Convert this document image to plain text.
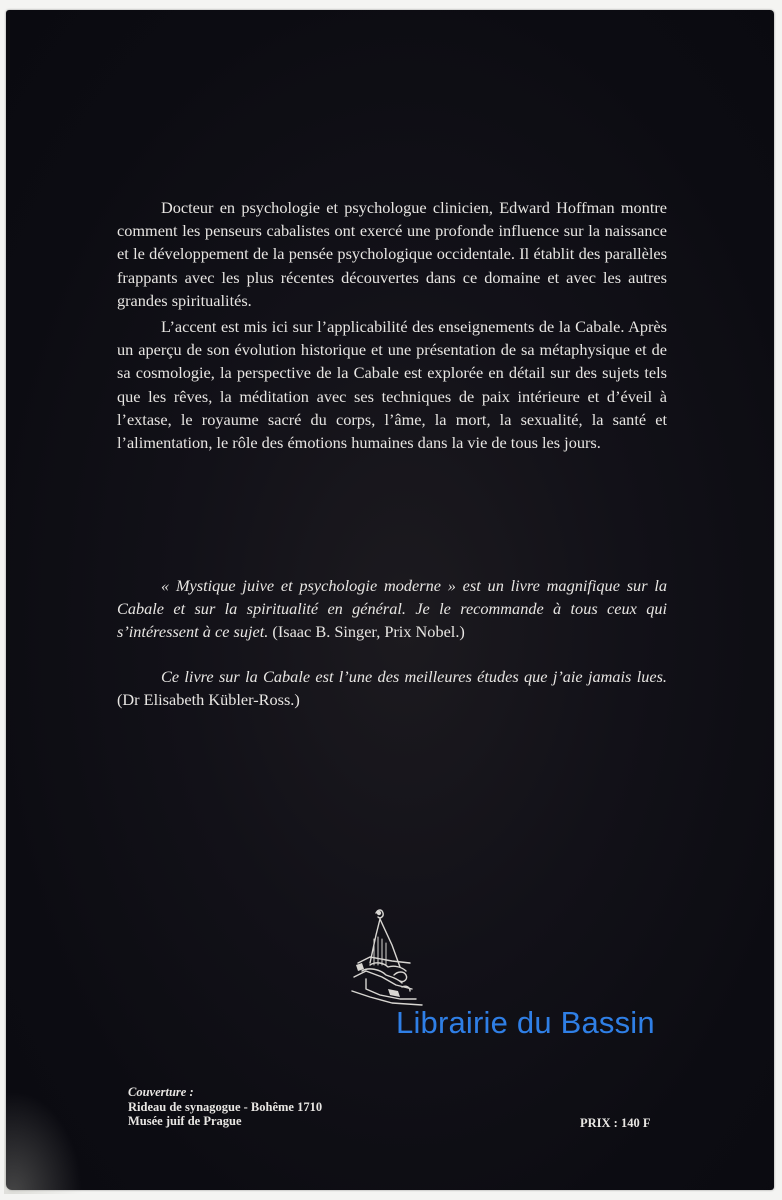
Docteur en psychologie et psychologue clinicien, Edward Hoffman montre comment les penseurs cabalistes ont exercé une profonde influence sur la naissance et le développement de la pensée psychologique occidentale. Il établit des parallèles frappants avec les plus récentes découvertes dans ce domaine et avec les autres grandes spiritualités.

L’accent est mis ici sur l’applicabilité des enseignements de la Cabale. Après un aperçu de son évolution historique et une présentation de sa métaphysique et de sa cosmologie, la perspective de la Cabale est explorée en détail sur des sujets tels que les rêves, la méditation avec ses techniques de paix intérieure et d’éveil à l’extase, le royaume sacré du corps, l’âme, la mort, la sexualité, la santé et l’alimentation, le rôle des émotions humaines dans la vie de tous les jours.

« Mystique juive et psychologie moderne » est un livre magnifique sur la Cabale et sur la spiritualité en général. Je le recommande à tous ceux qui s’intéressent à ce sujet. (Isaac B. Singer, Prix Nobel.)

Ce livre sur la Cabale est l’une des meilleures études que j’aie jamais lues. (Dr Elisabeth Kübler-Ross.)

Librairie du Bassin
Couverture :
Rideau de synagogue - Bohême 1710
Musée juif de Prague	PRIX : 140 F
